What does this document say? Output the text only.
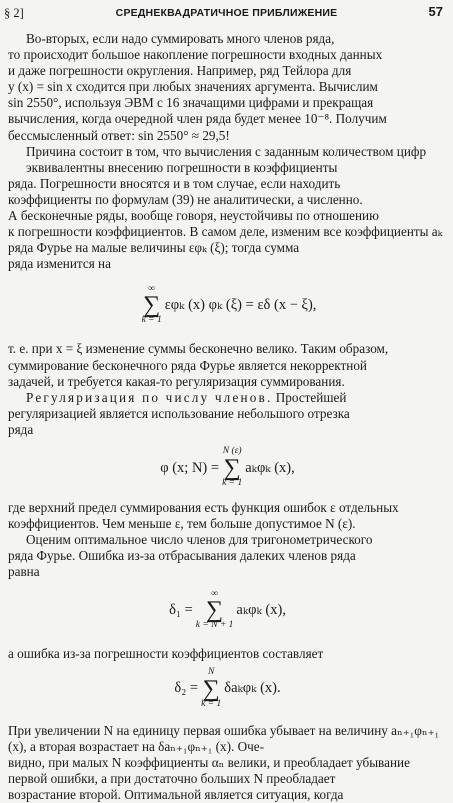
§ 2]	СРЕДНЕКВАДРАТИЧНОЕ ПРИБЛИЖЕНИЕ	57
Во-вторых, если надо суммировать много членов ряда,
то происходит большое накопление погрешности входных данных
и даже погрешности округления. Например, ряд Тейлора для
y (x) = sin x сходится при любых значениях аргумента. Вычислим
sin 2550°, используя ЭВМ с 16 значащими цифрами и прекращая
вычисления, когда очередной член ряда будет менее 10⁻⁸. Получим бессмысленный ответ: sin 2550° ≈ 29,5!
Причина состоит в том, что вычисления с заданным количеством цифр эквивалентны внесению погрешности в коэффициенты
ряда. Погрешности вносятся и в том случае, если находить
коэффициенты по формулам (39) не аналитически, а численно.
А бесконечные ряды, вообще говоря, неустойчивы по отношению
к погрешности коэффициентов. В самом деле, изменим все коэффициенты aₖ ряда Фурье на малые величины εφₖ (ξ); тогда сумма
ряда изменится на
∞
∑
k = 1
εφₖ (x) φₖ (ξ) = εδ (x − ξ),
т. е. при x = ξ изменение суммы бесконечно велико. Таким образом, суммирование бесконечного ряда Фурье является некорректной
задачей, и требуется какая-то регуляризация суммирования.
Регуляризация по числу членов. Простейшей
регуляризацией является использование небольшого отрезка
ряда
φ (x; N) =
N (ε)
∑
k = 1
aₖφₖ (x),
где верхний предел суммирования есть функция ошибок ε отдельных коэффициентов. Чем меньше ε, тем больше допустимое N (ε).
Оценим оптимальное число членов для тригонометрического
ряда Фурье. Ошибка из-за отбрасывания далеких членов ряда
равна
δ₁ =
∞
∑
k = N + 1
aₖφₖ (x),
а ошибка из-за погрешности коэффициентов составляет
δ₂ =
N
∑
k = 1
δaₖφₖ (x).
При увеличении N на единицу первая ошибка убывает на величину aₙ₊₁φₙ₊₁ (x), а вторая возрастает на δaₙ₊₁φₙ₊₁ (x). Оче-
видно, при малых N коэффициенты αₙ велики, и преобладает убывание первой ошибки, а при достаточно больших N преобладает
возрастание второй. Оптимальной является ситуация, когда
